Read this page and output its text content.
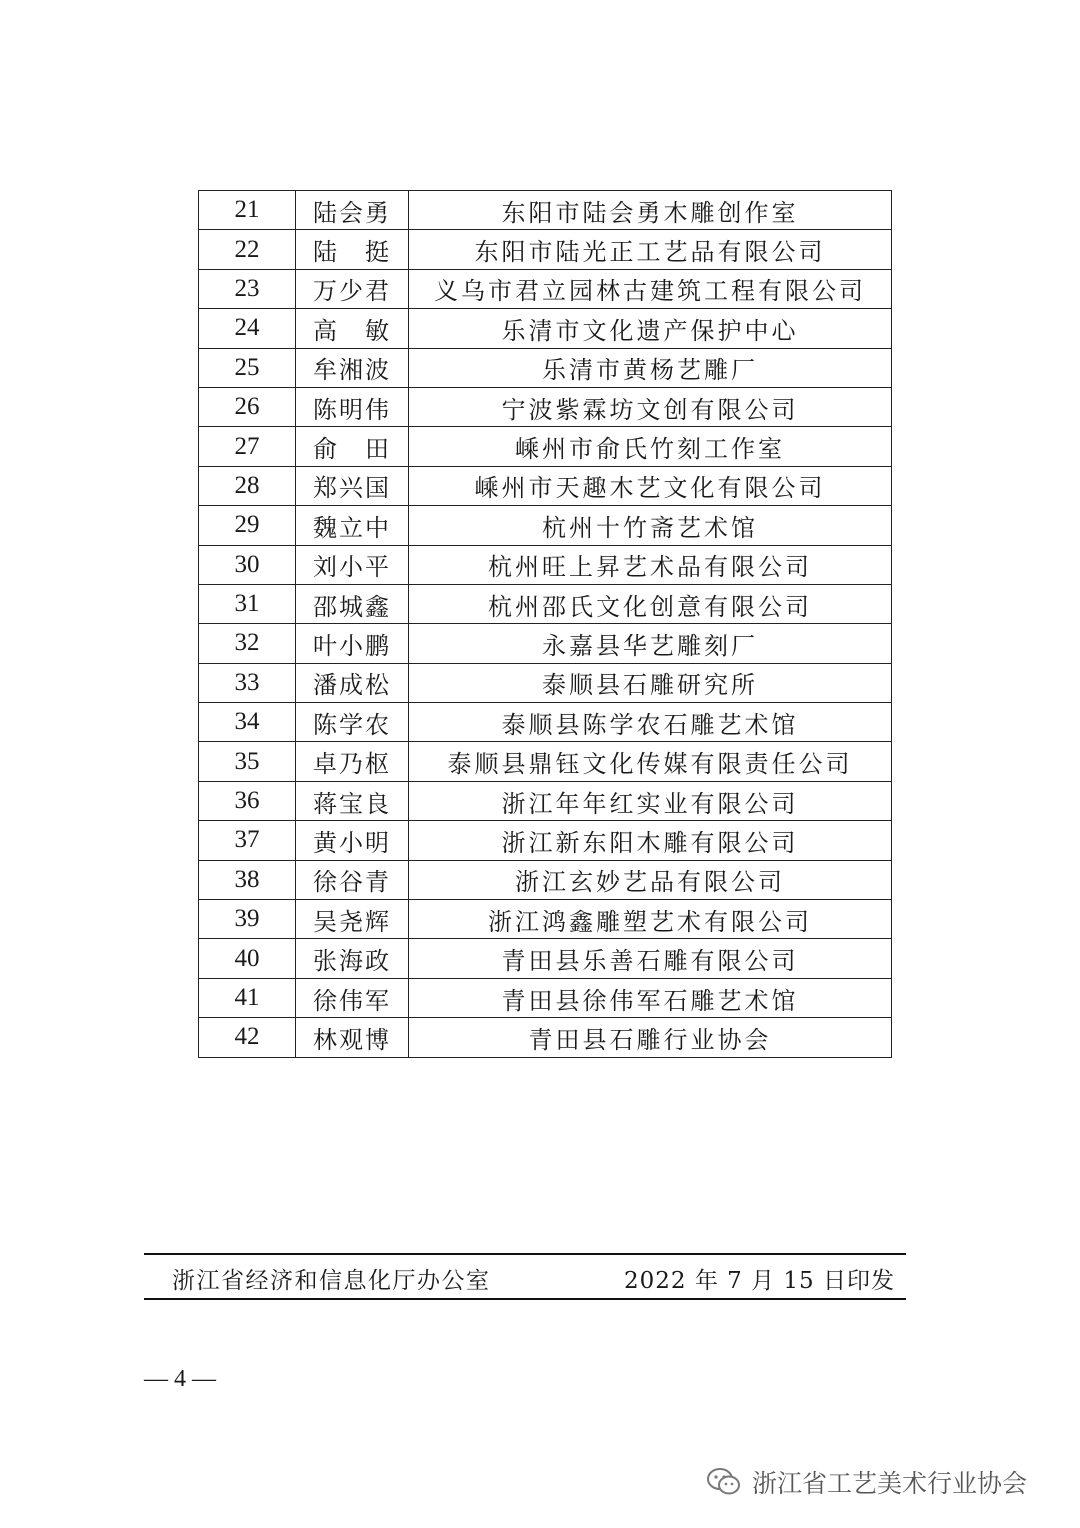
21	陆会勇	东阳市陆会勇木雕创作室
22	陆　挺	东阳市陆光正工艺品有限公司
23	万少君	义乌市君立园林古建筑工程有限公司
24	高　敏	乐清市文化遗产保护中心
25	牟湘波	乐清市黄杨艺雕厂
26	陈明伟	宁波紫霖坊文创有限公司
27	俞　田	嵊州市俞氏竹刻工作室
28	郑兴国	嵊州市天趣木艺文化有限公司
29	魏立中	杭州十竹斋艺术馆
30	刘小平	杭州旺上昇艺术品有限公司
31	邵城鑫	杭州邵氏文化创意有限公司
32	叶小鹏	永嘉县华艺雕刻厂
33	潘成松	泰顺县石雕研究所
34	陈学农	泰顺县陈学农石雕艺术馆
35	卓乃枢	泰顺县鼎钰文化传媒有限责任公司
36	蒋宝良	浙江年年红实业有限公司
37	黄小明	浙江新东阳木雕有限公司
38	徐谷青	浙江玄妙艺品有限公司
39	吴尧辉	浙江鸿鑫雕塑艺术有限公司
40	张海政	青田县乐善石雕有限公司
41	徐伟军	青田县徐伟军石雕艺术馆
42	林观博	青田县石雕行业协会
浙江省经济和信息化厅办公室	2022 年 7 月 15 日印发
— 4 —
浙江省工艺美术行业协会
